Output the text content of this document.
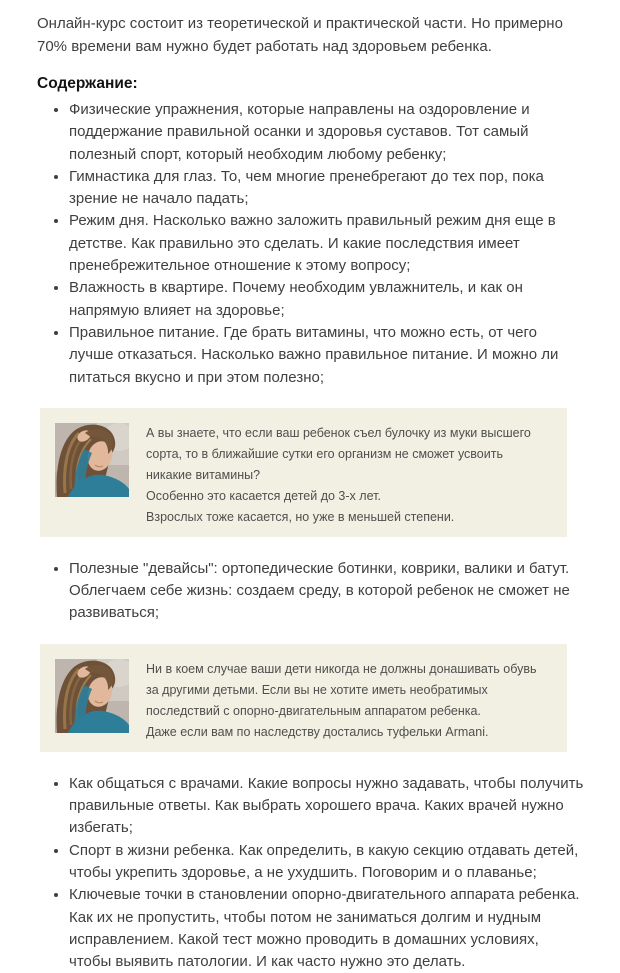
Онлайн-курс состоит из теоретической и практической части. Но примерно 70% времени вам нужно будет работать над здоровьем ребенка.

Содержание:
• Физические упражнения, которые направлены на оздоровление и поддержание правильной осанки и здоровья суставов. Тот самый полезный спорт, который необходим любому ребенку;
• Гимнастика для глаз. То, чем многие пренебрегают до тех пор, пока зрение не начало падать;
• Режим дня. Насколько важно заложить правильный режим дня еще в детстве. Как правильно это сделать. И какие последствия имеет пренебрежительное отношение к этому вопросу;
• Влажность в квартире. Почему необходим увлажнитель, и как он напрямую влияет на здоровье;
• Правильное питание. Где брать витамины, что можно есть, от чего лучше отказаться. Насколько важно правильное питание. И можно ли питаться вкусно и при этом полезно;

А вы знаете, что если ваш ребенок съел булочку из муки высшего сорта, то в ближайшие сутки его организм не сможет усвоить никакие витамины?

Особенно это касается детей до 3-х лет.

Взрослых тоже касается, но уже в меньшей степени.

• Полезные "девайсы": ортопедические ботинки, коврики, валики и батут. Облегчаем себе жизнь: создаем среду, в которой ребенок не сможет не развиваться;

Ни в коем случае ваши дети никогда не должны донашивать обувь за другими детьми. Если вы не хотите иметь необратимых последствий с опорно-двигательным аппаратом ребенка.

Даже если вам по наследству достались туфельки Armani.

• Как общаться с врачами. Какие вопросы нужно задавать, чтобы получить правильные ответы. Как выбрать хорошего врача. Каких врачей нужно избегать;
• Спорт в жизни ребенка. Как определить, в какую секцию отдавать детей, чтобы укрепить здоровье, а не ухудшить. Поговорим и о плаванье;
• Ключевые точки в становлении опорно-двигательного аппарата ребенка. Как их не пропустить, чтобы потом не заниматься долгим и нудным исправлением. Какой тест можно проводить в домашних условиях, чтобы выявить патологии. И как часто нужно это делать.
